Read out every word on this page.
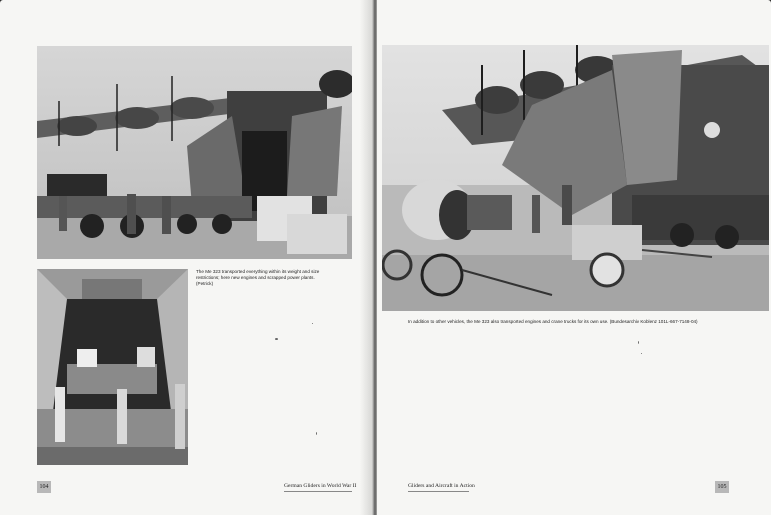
The Me 323 transported everything within its weight and size restrictions; here new engines and scrapped power plants. (Petrick)
104	German Gliders in World War II
In addition to other vehicles, the Me 323 also transported engines and crane trucks for its own use. (Bundesarchiv Koblenz 101L-667-7148-04)
Gliders and Aircraft in Action	105
